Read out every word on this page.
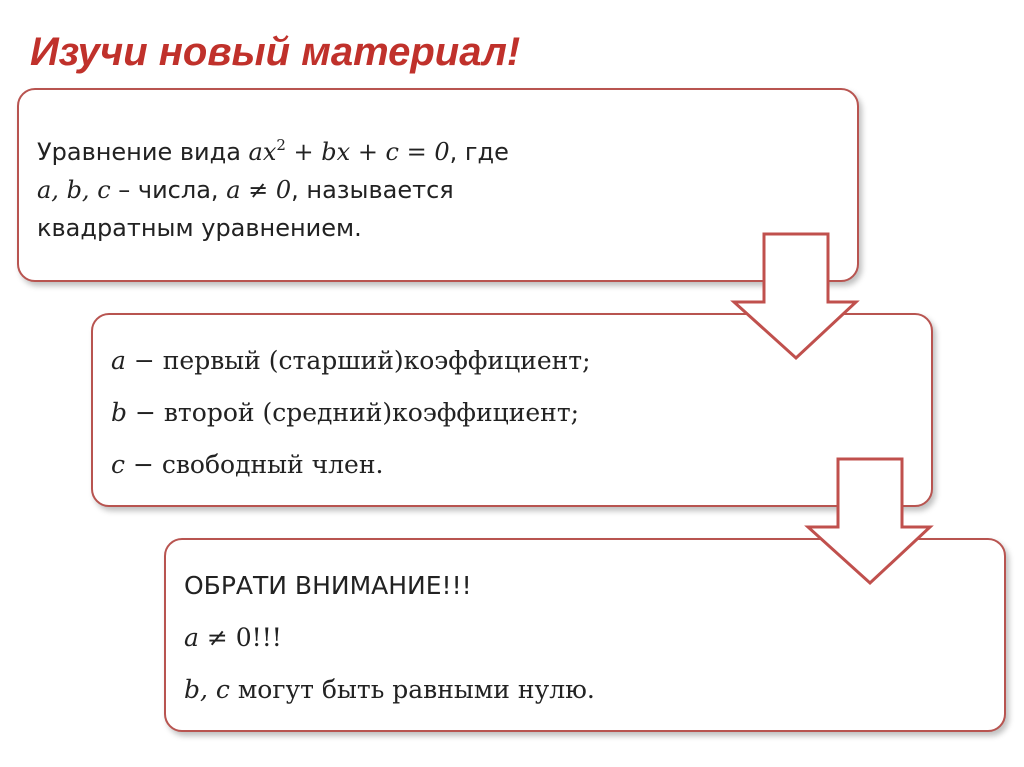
Изучи новый материал!
Уравнение вида $ax^2$ + bx + c = 0, где
a, b, c – числа, a ≠ 0, называется
квадратным уравнением.
a − первый (старший)коэффициент;
b − второй (средний)коэффициент;
c − свободный член.
ОБРАТИ ВНИМАНИЕ!!!
a ≠ 0!!!
b, c могут быть равными нулю.
